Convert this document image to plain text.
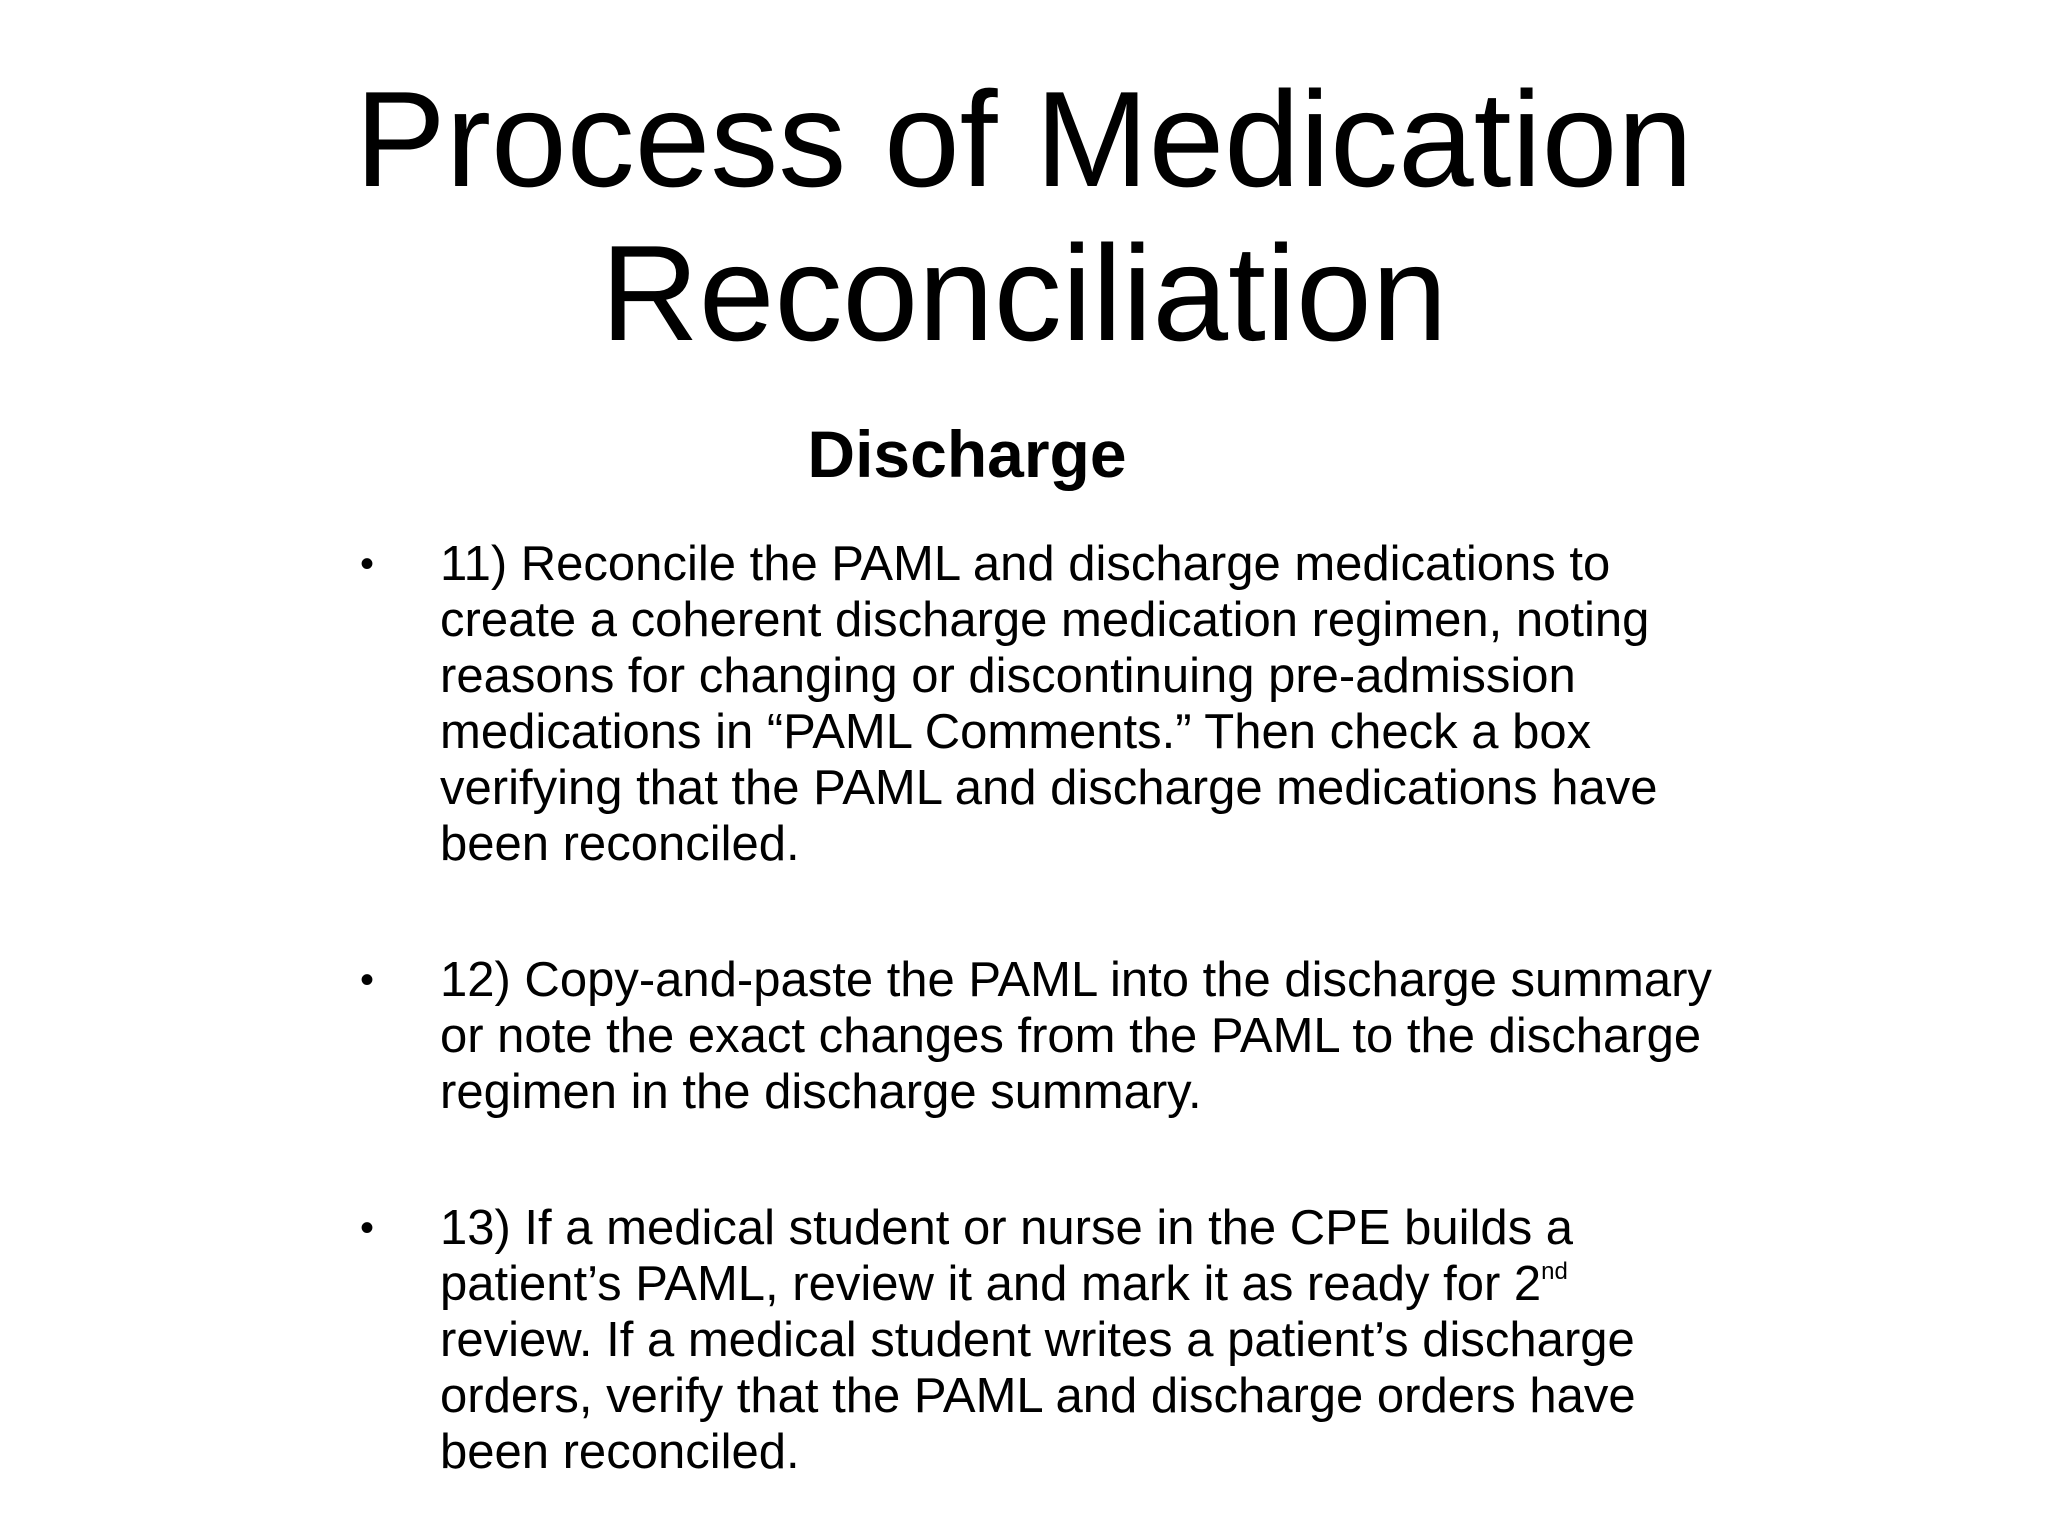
Process of Medication
Reconciliation
Discharge
• 11) Reconcile the PAML and discharge medications to
create a coherent discharge medication regimen, noting
reasons for changing or discontinuing pre-admission
medications in “PAML Comments.” Then check a box
verifying that the PAML and discharge medications have
been reconciled.
• 12) Copy-and-paste the PAML into the discharge summary
or note the exact changes from the PAML to the discharge
regimen in the discharge summary.
• 13) If a medical student or nurse in the CPE builds a
patient’s PAML, review it and mark it as ready for 2nd
review. If a medical student writes a patient’s discharge
orders, verify that the PAML and discharge orders have
been reconciled.
